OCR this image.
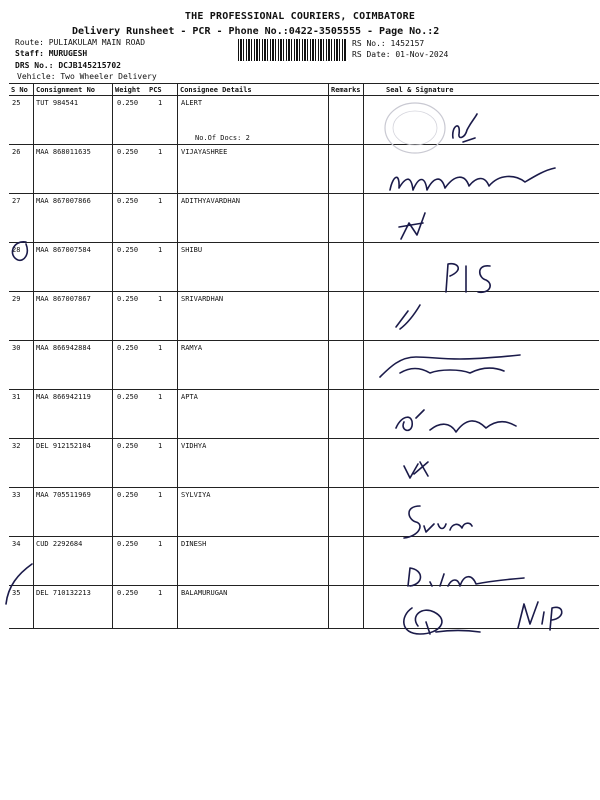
THE PROFESSIONAL COURIERS, COIMBATORE
Delivery Runsheet - PCR - Phone No.:0422-3505555 - Page No.:2
Route: PULIAKULAM MAIN ROAD
Staff: MURUGESH
DRS No.: DCJB145215702
Vehicle: Two Wheeler Delivery
RS No.: 1452157
RS Date: 01-Nov-2024
S No Consignment No	Weight PCS	Consignee Details	Remarks	Seal & Signature
25 TUT 984541	0.250	1	ALERT
No.Of Docs: 2
26 MAA 868011635	0.250	1	VIJAYASHREE
27 MAA 867007866	0.250	1	ADITHYAVARDHAN
28 MAA 867007584	0.250	1	SHIBU
29 MAA 867007867	0.250	1	SRIVARDHAN
30 MAA 866942884	0.250	1	RAMYA
31 MAA 866942119	0.250	1	APTA
32 DEL 912152104	0.250	1	VIDHYA
33 MAA 705511969	0.250	1	SYLVIYA
34 CUD 2292684	0.250	1	DINESH
35 DEL 710132213	0.250	1	BALAMURUGAN
